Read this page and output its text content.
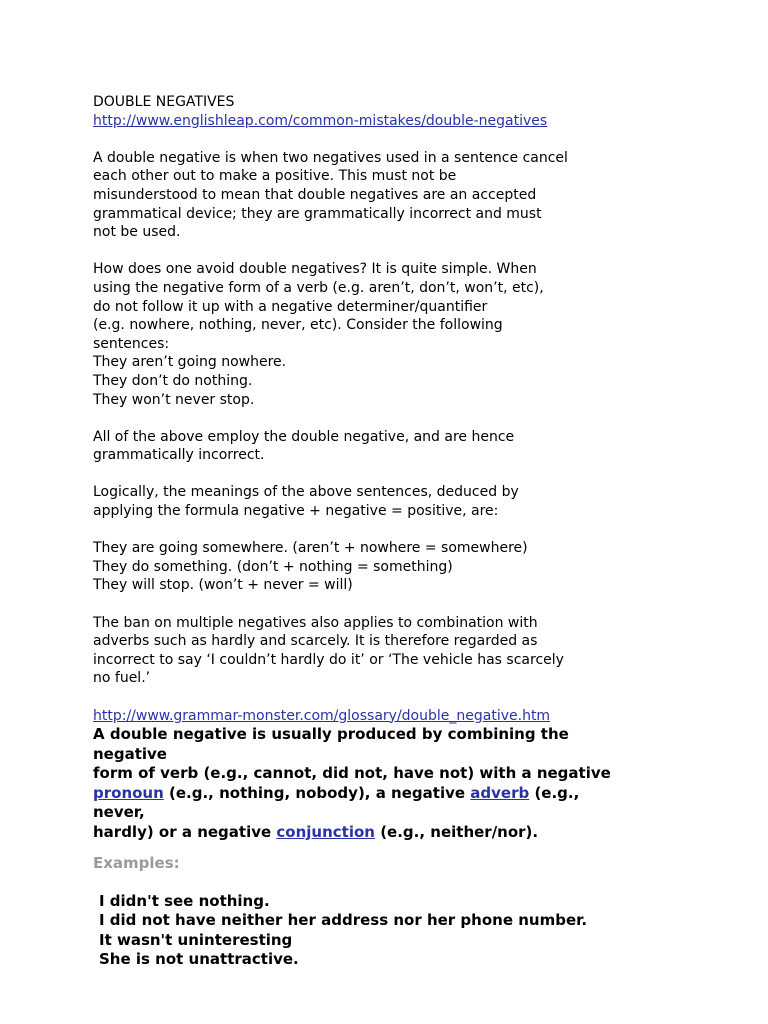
DOUBLE NEGATIVES

http://www.englishleap.com/common-mistakes/double-negatives

A double negative is when two negatives used in a sentence cancel
each other out to make a positive. This must not be
misunderstood to mean that double negatives are an accepted
grammatical device; they are grammatically incorrect and must
not be used.

How does one avoid double negatives? It is quite simple. When
using the negative form of a verb (e.g. aren’t, don’t, won’t, etc),
do not follow it up with a negative determiner/quantifier
(e.g. nowhere, nothing, never, etc). Consider the following
sentences:

They aren’t going nowhere.
They don’t do nothing.
They won’t never stop.

All of the above employ the double negative, and are hence
grammatically incorrect.

Logically, the meanings of the above sentences, deduced by
applying the formula negative + negative = positive, are:

They are going somewhere. (aren’t + nowhere = somewhere)
They do something. (don’t + nothing = something)
They will stop. (won’t + never = will)

The ban on multiple negatives also applies to combination with
adverbs such as hardly and scarcely. It is therefore regarded as
incorrect to say ‘I couldn’t hardly do it’ or ‘The vehicle has scarcely
no fuel.’

http://www.grammar-monster.com/glossary/double_negative.htm

A double negative is usually produced by combining the negative
form of verb (e.g., cannot, did not, have not) with a negative
pronoun (e.g., nothing, nobody), a negative adverb (e.g., never,
hardly) or a negative conjunction (e.g., neither/nor).

Examples:

I didn't see nothing.
I did not have neither her address nor her phone number.
It wasn't uninteresting
She is not unattractive.
